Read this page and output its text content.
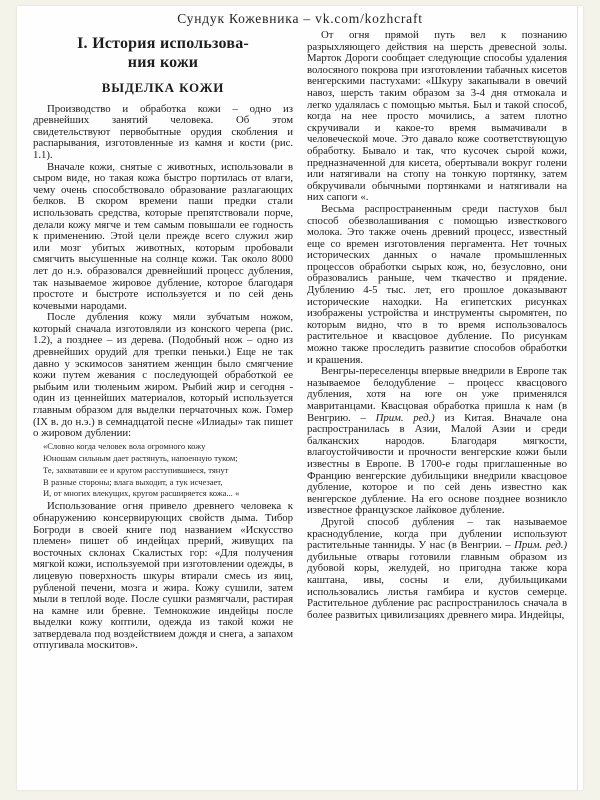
Сундук Кожевника – vk.com/kozhcraft
I. История использова-
ния кожи
ВЫДЕЛКА КОЖИ

Производство и обработка кожи – одно из древнейших занятий человека. Об этом свидетельствуют первобытные орудия скобления и распарывания, изготовленные из камня и кости (рис. 1.1).

Вначале кожи, снятые с животных, использовали в сыром виде, но такая кожа быстро портилась от влаги, чему очень способствовало образование разлагающих белков. В скором времени паши предки стали использовать средства, которые препятствовали порче, делали кожу мягче и тем самым повышали ее годность к применению. Этой цели прежде всего служил жир или мозг убитых животных, которым пробовали смягчить высушенные на солнце кожи. Так около 8000 лет до н.э. образовался древнейший процесс дубления, так называемое жировое дубление, которое благодаря простоте и быстроте используется и по сей день кочевыми народами.

После дубления кожу мяли зубчатым ножом, который сначала изготовляли из конского черепа (рис. 1.2), а позднее – из дерева. (Подобный нож – одно из древнейших орудий для трепки пеньки.) Еще не так давно у эскимосов занятием женщин было смягчение кожи путем жевания с последующей обработкой ее рыбьим или тюленьим жиром. Рыбий жир и сегодня - один из ценнейших материалов, который используется главным образом для выделки перчаточных кож. Гомер (IX в. до н.э.) в семнадцатой песне «Илиады» так пишет о жировом дублении:

«Словно когда человек вола огромного кожу
Юношам сильным дает растянуть, напоенную туком;
Те, захватавши ее и кругом расступившиеся, тянут
В разные стороны; влага выходит, а тук исчезает,
И, от многих влекущих, кругом расширяется кожа... «

Использование огня привело древнего человека к обнаружению консервирующих свойств дыма. Тибор Богроди в своей книге под названием «Искусство племен» пишет об индейцах прерий, живущих па восточных склонах Скалистых гор: «Для получения мягкой кожи, используемой при изготовлении одежды, в лицевую поверхность шкуры втирали смесь из яиц, рубленой печени, мозга и жира. Кожу сушили, затем мыли в теплой воде. После сушки размягчали, растирая на камне или бревне. Темнокожие индейцы после выделки кожу коптили, одежда из такой кожи не затвердевала под воздействием дождя и снега, а запахом отпугивала москитов».

От огня прямой путь вел к познанию разрыхляющего действия на шерсть древесной золы. Марток Дороги сообщает следующие способы удаления волосяного покрова при изготовлении табачных кисетов венгерскими пастухами: «Шкуру закапывали в овечий навоз, шерсть таким образом за 3-4 дня отмокала и легко удалялась с помощью мытья. Был и такой способ, когда на нее просто мочились, а затем плотно скручивали и какое-то время вымачивали в человеческой моче. Это давало коже соответствующую обработку. Бывало и так, что кусочек сырой кожи, предназначенной для кисета, обертывали вокруг голени или натягивали на стопу на тонкую портянку, затем обкручивали обычными портянками и натягивали на них сапоги «.

Весьма распространенным среди пастухов был способ обезволашивания с помощью известкового молока. Это также очень древний процесс, известный еще со времен изготовления пергамента. Нет точных исторических данных о начале промышленных процессов обработки сырых кож, но, безусловно, они образовались раньше, чем ткачество и прядение. Дублению 4-5 тыс. лет, его прошлое доказывают исторические находки. На египетских рисунках изображены устройства и инструменты сыромятен, по которым видно, что в то время использовалось растительное и квасцовое дубление. По рисункам можно также проследить развитие способов обработки и крашения.

Венгры-переселенцы впервые внедрили в Европе так называемое белодубление – процесс квасцового дубления, хотя на юге он уже применялся мавританцами. Квасцовая обработка пришла к нам (в Венгрию. – Прим. ред.) из Китая. Вначале она распространилась в Азии, Малой Азии и среди балканских народов. Благодаря мягкости, влагоустойчивости и прочности венгерские кожи были известны в Европе. В 1700-е годы приглашенные во Францию венгерские дубильщики внедрили квасцовое дубление, которое и по сей день известно как венгерское дубление. На его основе позднее возникло известное французское лайковое дубление.

Другой способ дубления – так называемое краснодубление, когда при дублении используют растительные танниды. У нас (в Венгрии. – Прим. ред.) дубильные отвары готовили главным образом из дубовой коры, желудей, но пригодна также кора каштана, ивы, сосны и ели, дубильщиками использовались листья гамбира и кустов семерце. Растительное дубление рас распространилось сначала в более развитых цивилизациях древнего мира. Индейцы,
